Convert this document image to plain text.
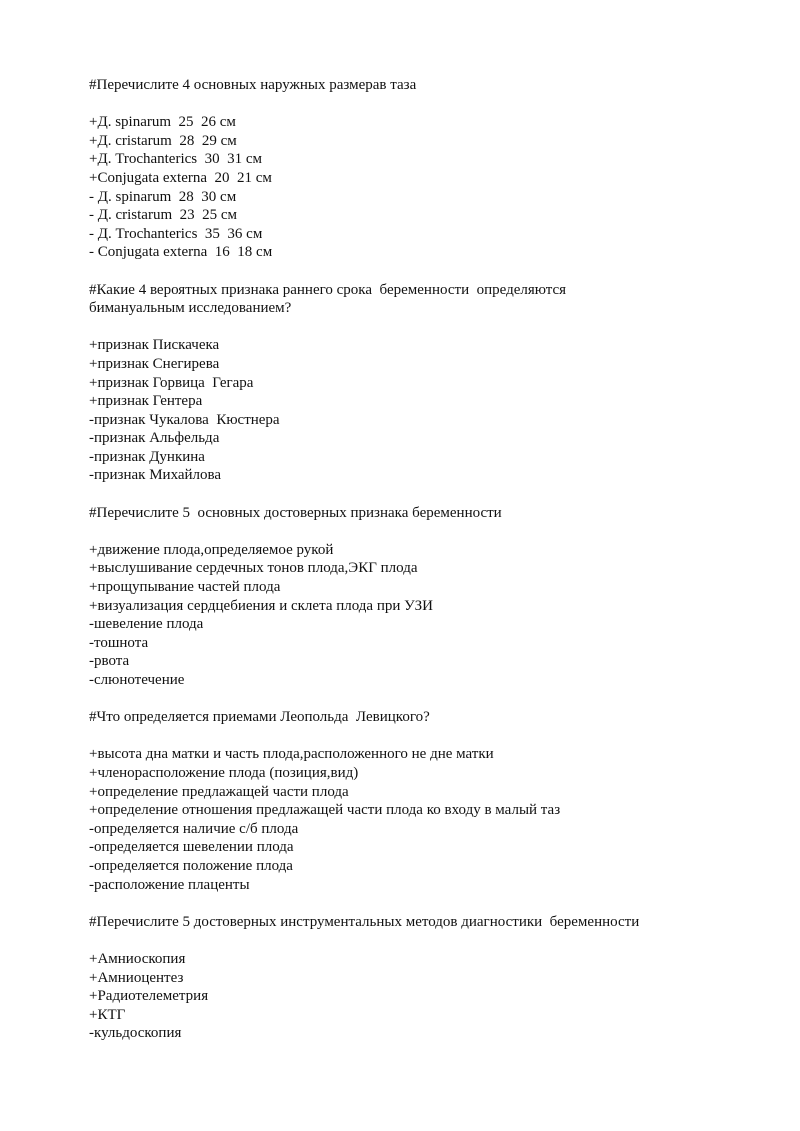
#Перечислите 4 основных наружных размерав таза
+Д. spinarum  25  26 см
+Д. cristarum  28  29 см
+Д. Trochanterics  30  31 см
+Conjugata externa  20  21 см
- Д. spinarum  28  30 см
- Д. cristarum  23  25 см
- Д. Trochanterics  35  36 см
- Conjugata externa  16  18 см
#Какие 4 вероятных признака раннего срока  беременности  определяются
бимануальным исследованием?
+признак Пискачека
+признак Снегирева
+признак Горвица  Гегара
+признак Гентера
-признак Чукалова  Кюстнера
-признак Альфельда
-признак Дункина
-признак Михайлова
#Перечислите 5  основных достоверных признака беременности
+движение плода,определяемое рукой
+выслушивание сердечных тонов плода,ЭКГ плода
+прощупывание частей плода
+визуализация сердцебиения и склета плода при УЗИ
-шевеление плода
-тошнота
-рвота
-слюнотечение
#Что определяется приемами Леопольда  Левицкого?
+высота дна матки и часть плода,расположенного не дне матки
+членорасположение плода (позиция,вид)
+определение предлажащей части плода
+определение отношения предлажащей части плода ко входу в малый таз
-определяется наличие с/б плода
-определяется шевелении плода
-определяется положение плода
-расположение плаценты
#Перечислите 5 достоверных инструментальных методов диагностики  беременности
+Амниоскопия
+Амниоцентез
+Радиотелеметрия
+КТГ
-кульдоскопия
